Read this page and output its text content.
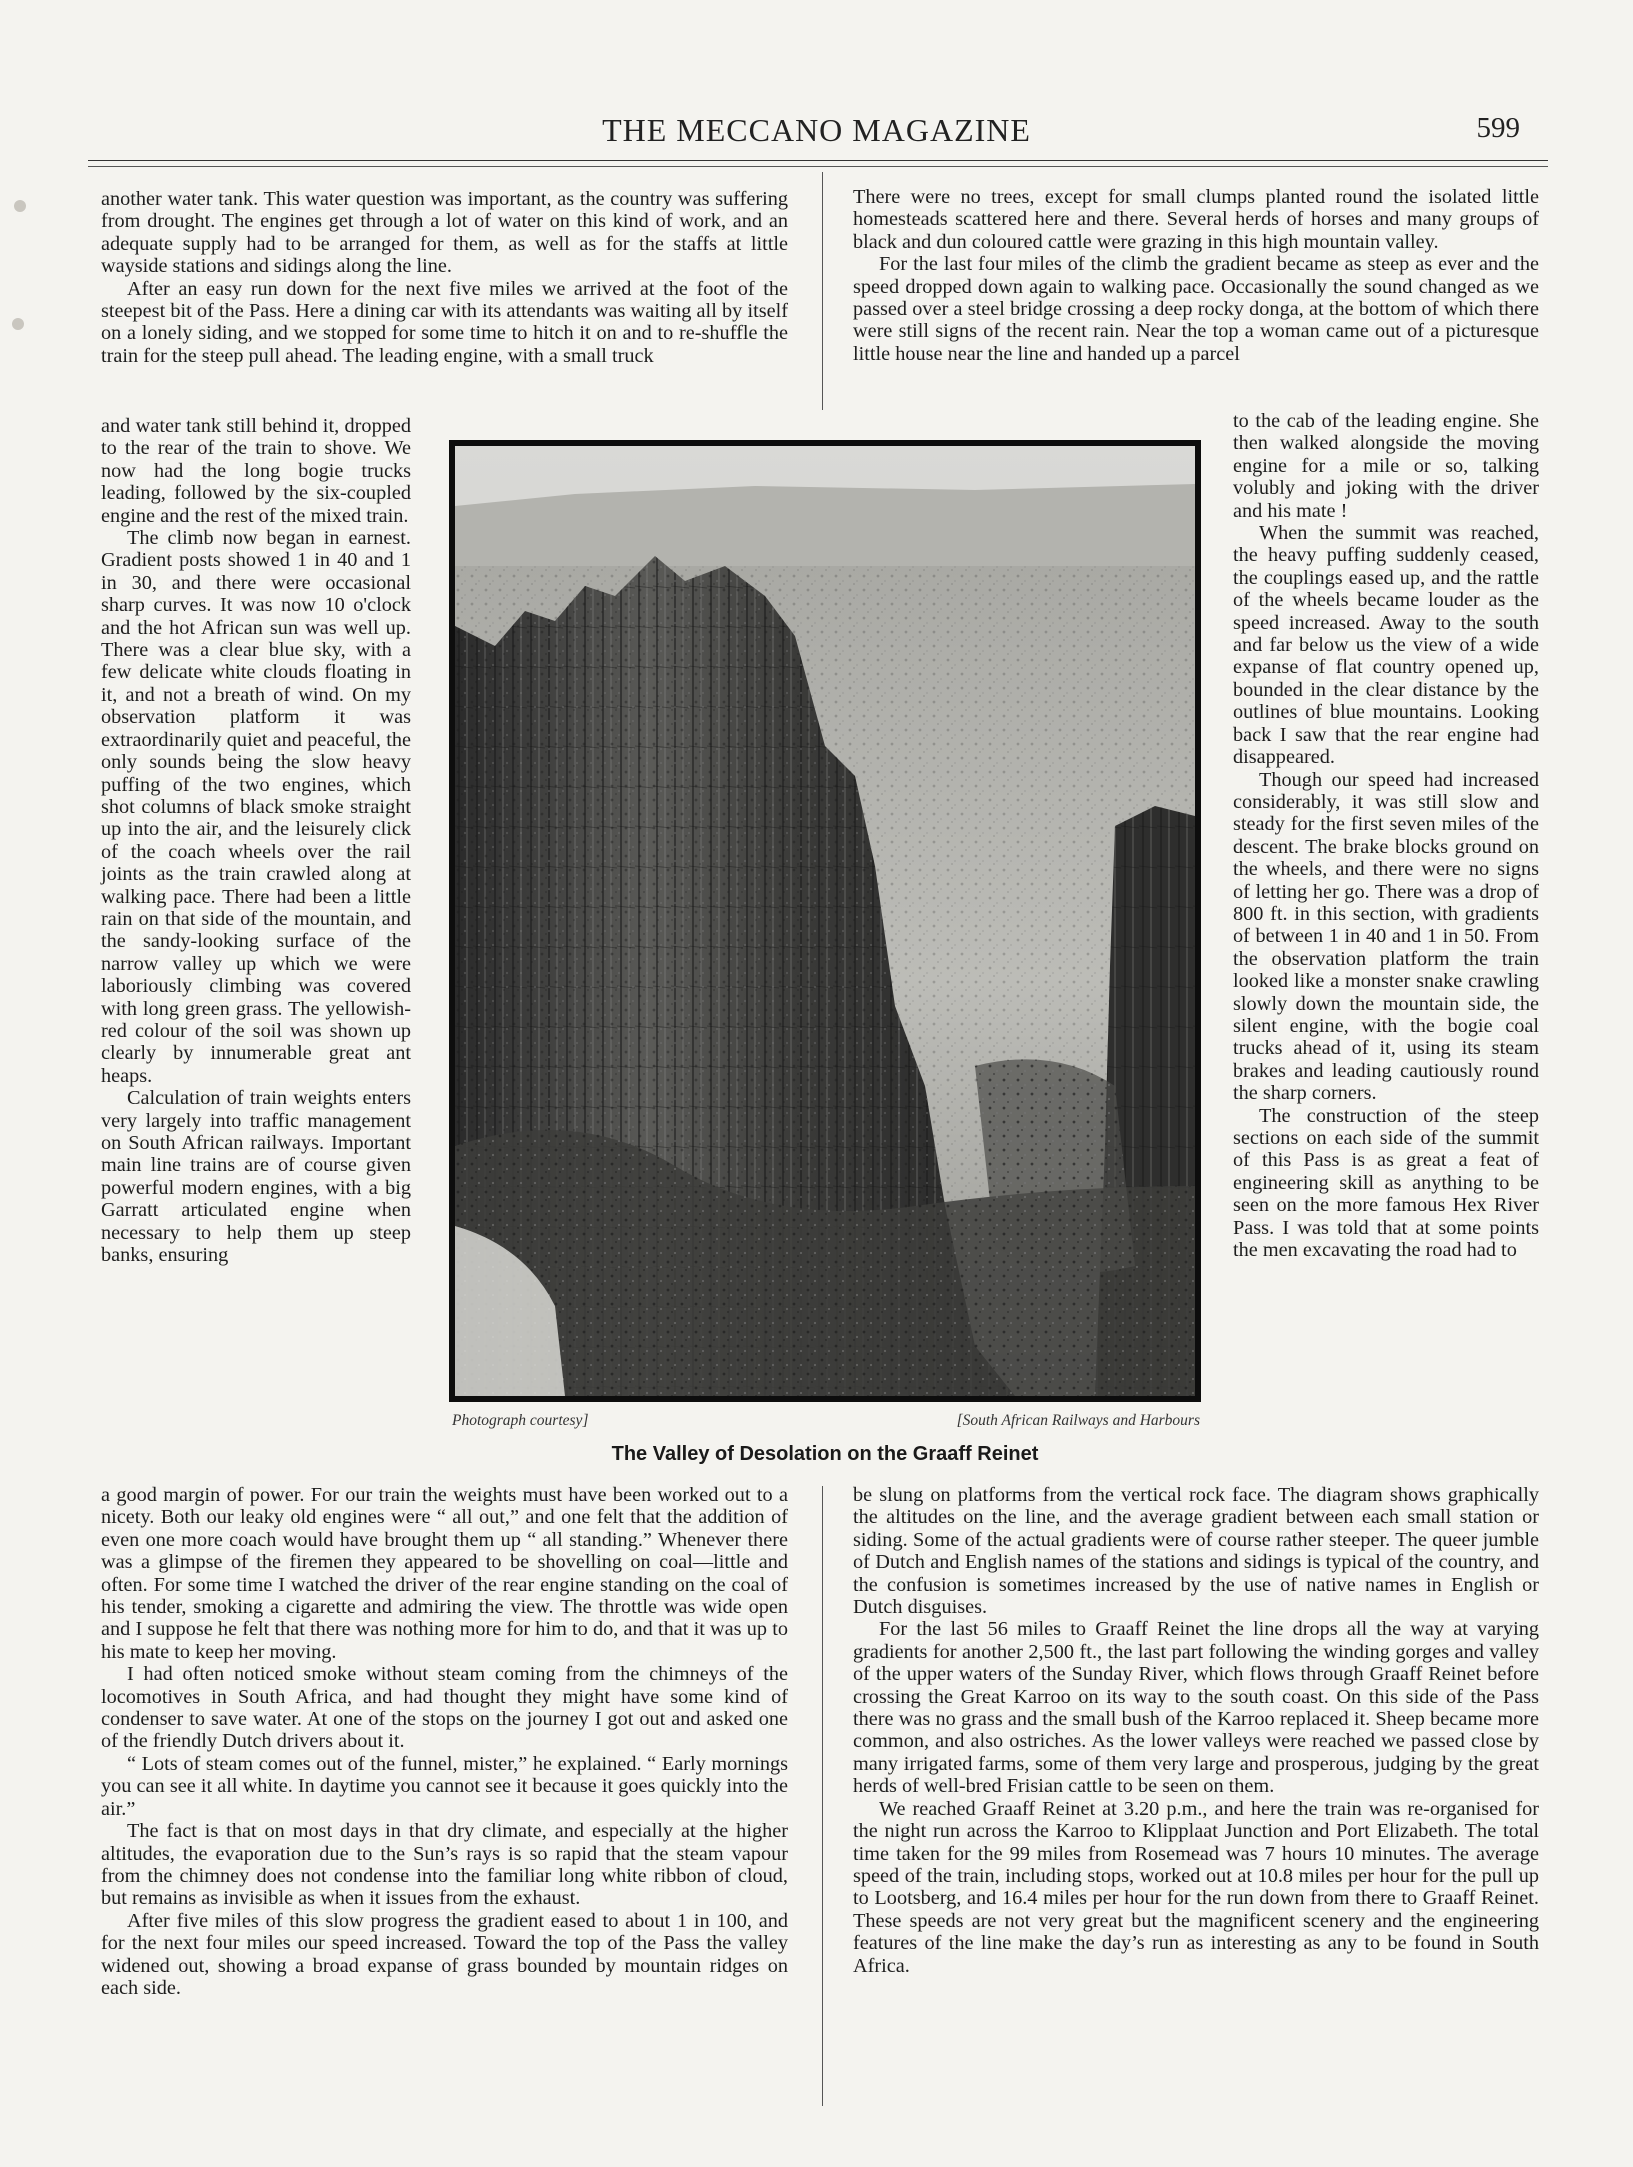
THE MECCANO MAGAZINE	599

another water tank. This water question was important, as the country was suffering from drought. The engines get through a lot of water on this kind of work, and an adequate supply had to be arranged for them, as well as for the staffs at little wayside stations and sidings along the line.

After an easy run down for the next five miles we arrived at the foot of the steepest bit of the Pass. Here a dining car with its attendants was waiting all by itself on a lonely siding, and we stopped for some time to hitch it on and to re-shuffle the train for the steep pull ahead. The leading engine, with a small truck

and water tank still behind it, dropped to the rear of the train to shove. We now had the long bogie trucks leading, followed by the six-coupled engine and the rest of the mixed train.

The climb now began in earnest. Gradient posts showed 1 in 40 and 1 in 30, and there were occasional sharp curves. It was now 10 o'clock and the hot African sun was well up. There was a clear blue sky, with a few delicate white clouds floating in it, and not a breath of wind. On my observation platform it was extraordinarily quiet and peaceful, the only sounds being the slow heavy puffing of the two engines, which shot columns of black smoke straight up into the air, and the leisurely click of the coach wheels over the rail joints as the train crawled along at walking pace. There had been a little rain on that side of the mountain, and the sandy-looking surface of the narrow valley up which we were laboriously climbing was covered with long green grass. The yellowish-red colour of the soil was shown up clearly by innumerable great ant heaps.

Calculation of train weights enters very largely into traffic management on South African railways. Important main line trains are of course given powerful modern engines, with a big Garratt articulated engine when necessary to help them up steep banks, ensuring

a good margin of power. For our train the weights must have been worked out to a nicety. Both our leaky old engines were “ all out,” and one felt that the addition of even one more coach would have brought them up “ all standing.” Whenever there was a glimpse of the firemen they appeared to be shovelling on coal—little and often. For some time I watched the driver of the rear engine standing on the coal of his tender, smoking a cigarette and admiring the view. The throttle was wide open and I suppose he felt that there was nothing more for him to do, and that it was up to his mate to keep her moving.

I had often noticed smoke without steam coming from the chimneys of the locomotives in South Africa, and had thought they might have some kind of condenser to save water. At one of the stops on the journey I got out and asked one of the friendly Dutch drivers about it.

“ Lots of steam comes out of the funnel, mister,” he explained. “ Early mornings you can see it all white. In daytime you cannot see it because it goes quickly into the air.”

The fact is that on most days in that dry climate, and especially at the higher altitudes, the evaporation due to the Sun’s rays is so rapid that the steam vapour from the chimney does not condense into the familiar long white ribbon of cloud, but remains as invisible as when it issues from the exhaust.

After five miles of this slow progress the gradient eased to about 1 in 100, and for the next four miles our speed increased. Toward the top of the Pass the valley widened out, showing a broad expanse of grass bounded by mountain ridges on each side.

There were no trees, except for small clumps planted round the isolated little homesteads scattered here and there. Several herds of horses and many groups of black and dun coloured cattle were grazing in this high mountain valley.

For the last four miles of the climb the gradient became as steep as ever and the speed dropped down again to walking pace. Occasionally the sound changed as we passed over a steel bridge crossing a deep rocky donga, at the bottom of which there were still signs of the recent rain. Near the top a woman came out of a picturesque little house near the line and handed up a parcel

to the cab of the leading engine. She then walked alongside the moving engine for a mile or so, talking volubly and joking with the driver and his mate !

When the summit was reached, the heavy puffing suddenly ceased, the couplings eased up, and the rattle of the wheels became louder as the speed increased. Away to the south and far below us the view of a wide expanse of flat country opened up, bounded in the clear distance by the outlines of blue mountains. Looking back I saw that the rear engine had disappeared.

Though our speed had increased considerably, it was still slow and steady for the first seven miles of the descent. The brake blocks ground on the wheels, and there were no signs of letting her go. There was a drop of 800 ft. in this section, with gradients of between 1 in 40 and 1 in 50. From the observation platform the train looked like a monster snake crawling slowly down the mountain side, the silent engine, with the bogie coal trucks ahead of it, using its steam brakes and leading cautiously round the sharp corners.

The construction of the steep sections on each side of the summit of this Pass is as great a feat of engineering skill as anything to be seen on the more famous Hex River Pass. I was told that at some points the men excavating the road had to

be slung on platforms from the vertical rock face. The diagram shows graphically the altitudes on the line, and the average gradient between each small station or siding. Some of the actual gradients were of course rather steeper. The queer jumble of Dutch and English names of the stations and sidings is typical of the country, and the confusion is sometimes increased by the use of native names in English or Dutch disguises.

For the last 56 miles to Graaff Reinet the line drops all the way at varying gradients for another 2,500 ft., the last part following the winding gorges and valley of the upper waters of the Sunday River, which flows through Graaff Reinet before crossing the Great Karroo on its way to the south coast. On this side of the Pass there was no grass and the small bush of the Karroo replaced it. Sheep became more common, and also ostriches. As the lower valleys were reached we passed close by many irrigated farms, some of them very large and prosperous, judging by the great herds of well-bred Frisian cattle to be seen on them.

We reached Graaff Reinet at 3.20 p.m., and here the train was re-organised for the night run across the Karroo to Klipplaat Junction and Port Elizabeth. The total time taken for the 99 miles from Rosemead was 7 hours 10 minutes. The average speed of the train, including stops, worked out at 10.8 miles per hour for the pull up to Lootsberg, and 16.4 miles per hour for the run down from there to Graaff Reinet. These speeds are not very great but the magnificent scenery and the engineering features of the line make the day’s run as interesting as any to be found in South Africa.

Photograph courtesy]	[South African Railways and Harbours
The Valley of Desolation on the Graaff Reinet
